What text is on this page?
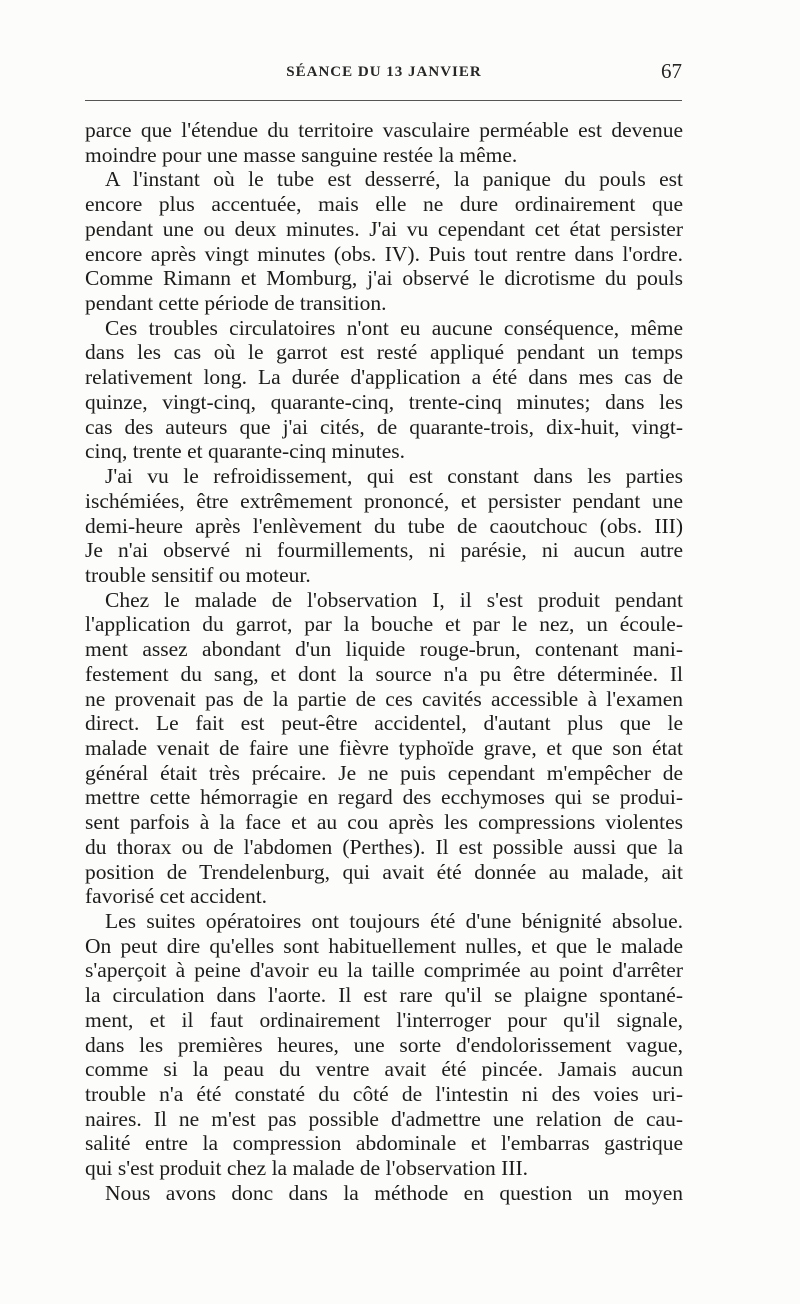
SÉANCE DU 13 JANVIER	67
parce que l'étendue du territoire vasculaire perméable est devenue
moindre pour une masse sanguine restée la même.
A l'instant où le tube est desserré, la panique du pouls est
encore plus accentuée, mais elle ne dure ordinairement que
pendant une ou deux minutes. J'ai vu cependant cet état persister
encore après vingt minutes (obs. IV). Puis tout rentre dans l'ordre.
Comme Rimann et Momburg, j'ai observé le dicrotisme du pouls
pendant cette période de transition.
Ces troubles circulatoires n'ont eu aucune conséquence, même
dans les cas où le garrot est resté appliqué pendant un temps
relativement long. La durée d'application a été dans mes cas de
quinze, vingt-cinq, quarante-cinq, trente-cinq minutes; dans les
cas des auteurs que j'ai cités, de quarante-trois, dix-huit, vingt-
cinq, trente et quarante-cinq minutes.
J'ai vu le refroidissement, qui est constant dans les parties
ischémiées, être extrêmement prononcé, et persister pendant une
demi-heure après l'enlèvement du tube de caoutchouc (obs. III)
Je n'ai observé ni fourmillements, ni parésie, ni aucun autre
trouble sensitif ou moteur.
Chez le malade de l'observation I, il s'est produit pendant
l'application du garrot, par la bouche et par le nez, un écoule-
ment assez abondant d'un liquide rouge-brun, contenant mani-
festement du sang, et dont la source n'a pu être déterminée. Il
ne provenait pas de la partie de ces cavités accessible à l'examen
direct. Le fait est peut-être accidentel, d'autant plus que le
malade venait de faire une fièvre typhoïde grave, et que son état
général était très précaire. Je ne puis cependant m'empêcher de
mettre cette hémorragie en regard des ecchymoses qui se produi-
sent parfois à la face et au cou après les compressions violentes
du thorax ou de l'abdomen (Perthes). Il est possible aussi que la
position de Trendelenburg, qui avait été donnée au malade, ait
favorisé cet accident.
Les suites opératoires ont toujours été d'une bénignité absolue.
On peut dire qu'elles sont habituellement nulles, et que le malade
s'aperçoit à peine d'avoir eu la taille comprimée au point d'arrêter
la circulation dans l'aorte. Il est rare qu'il se plaigne spontané-
ment, et il faut ordinairement l'interroger pour qu'il signale,
dans les premières heures, une sorte d'endolorissement vague,
comme si la peau du ventre avait été pincée. Jamais aucun
trouble n'a été constaté du côté de l'intestin ni des voies uri-
naires. Il ne m'est pas possible d'admettre une relation de cau-
salité entre la compression abdominale et l'embarras gastrique
qui s'est produit chez la malade de l'observation III.
Nous avons donc dans la méthode en question un moyen
